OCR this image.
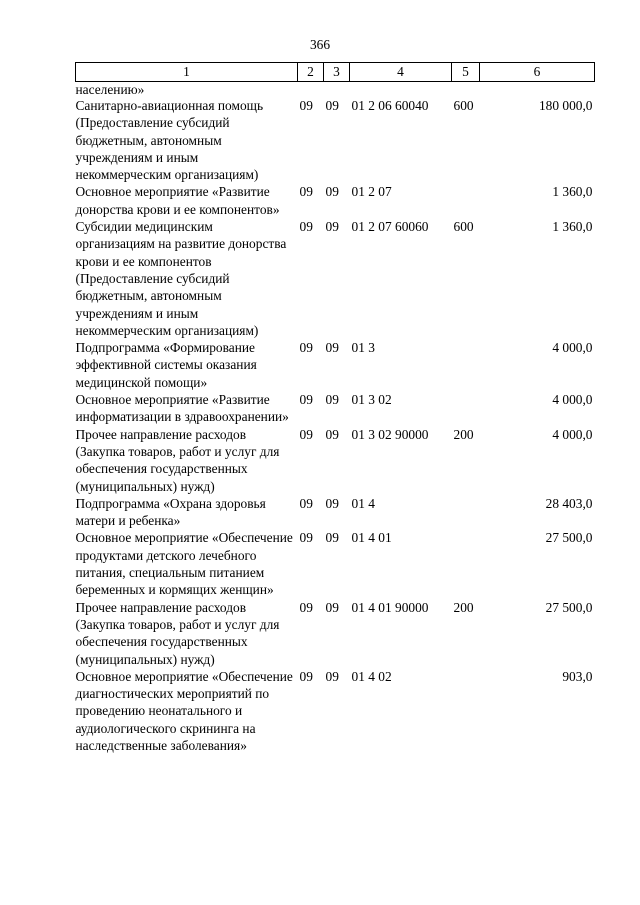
366
1	2	3	4	5	6
населению»					
Санитарно-авиационная помощь (Предоставление субсидий бюджетным, автономным учреждениям и иным некоммерческим организациям)	09	09	01 2 06 60040	600	180 000,0
Основное мероприятие «Развитие донорства крови и ее компонентов»	09	09	01 2 07		1 360,0
Субсидии медицинским организациям на развитие донорства крови и ее компонентов (Предоставление субсидий бюджетным, автономным учреждениям и иным некоммерческим организациям)	09	09	01 2 07 60060	600	1 360,0
Подпрограмма «Формирование эффективной системы оказания медицинской помощи»	09	09	01 3		4 000,0
Основное мероприятие «Развитие информатизации в здравоохранении»	09	09	01 3 02		4 000,0
Прочее направление расходов (Закупка товаров, работ и услуг для обеспечения государственных (муниципальных) нужд)	09	09	01 3 02 90000	200	4 000,0
Подпрограмма «Охрана здоровья матери и ребенка»	09	09	01 4		28 403,0
Основное мероприятие «Обеспечение продуктами детского лечебного питания, специальным питанием беременных и кормящих женщин»	09	09	01 4 01		27 500,0
Прочее направление расходов (Закупка товаров, работ и услуг для обеспечения государственных (муниципальных) нужд)	09	09	01 4 01 90000	200	27 500,0
Основное мероприятие «Обеспечение диагностических мероприятий по проведению неонатального и аудиологического скрининга на наследственные заболевания»	09	09	01 4 02		903,0
